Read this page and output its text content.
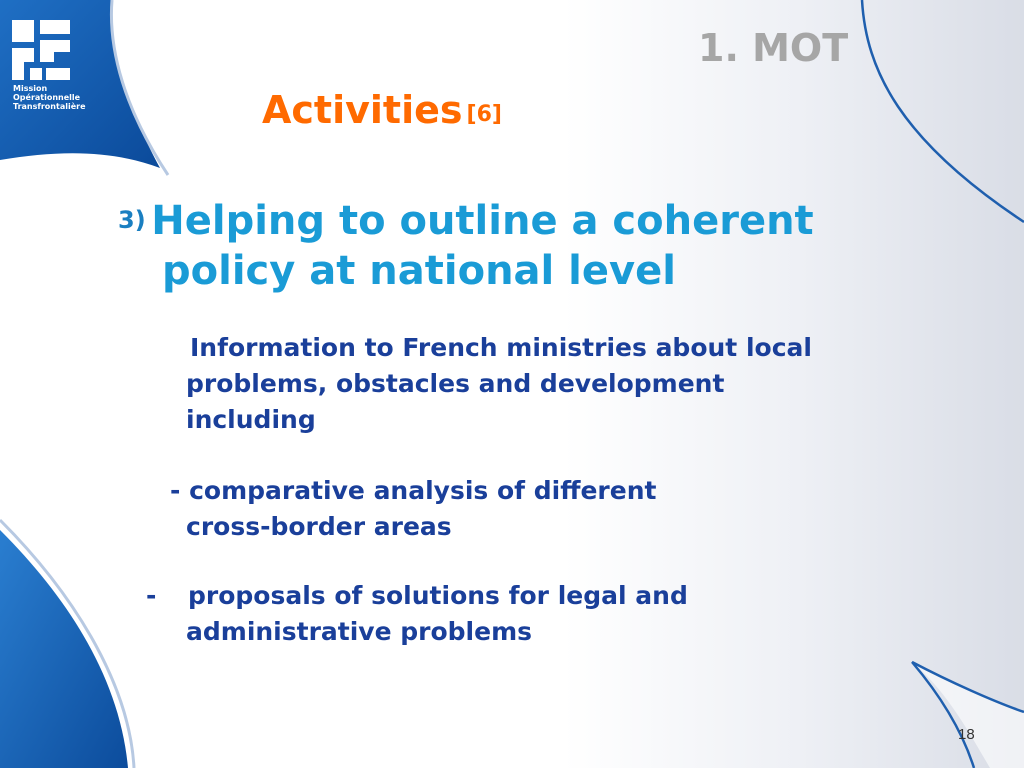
Mission
Opérationnelle
Transfrontalière
1. MOT
Activities [6]
3) Helping to outline a coherent
policy at national level
Information to French ministries about local
problems, obstacles and development
including
- comparative analysis of different
cross-border areas
- proposals of solutions for legal and
administrative problems
18
